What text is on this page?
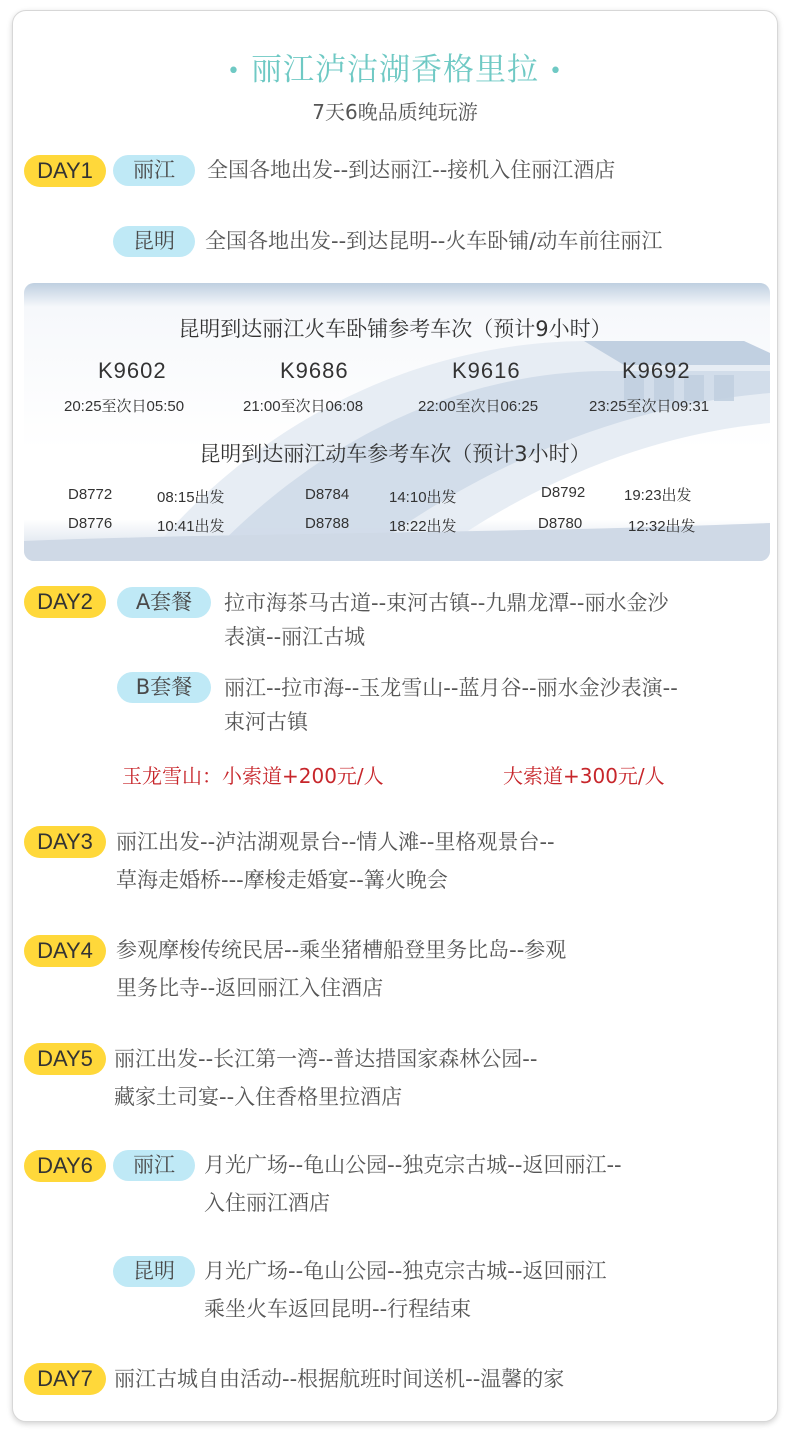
• 丽江泸沽湖香格里拉 •
7天6晚品质纯玩游
DAY1	丽江	全国各地出发--到达丽江--接机入住丽江酒店
昆明	全国各地出发--到达昆明--火车卧铺/动车前往丽江
昆明到达丽江火车卧铺参考车次（预计9小时）
K9602	K9686	K9616	K9692
20:25至次日05:50	21:00至次日06:08	22:00至次日06:25	23:25至次日09:31
昆明到达丽江动车参考车次（预计3小时）
D8772	08:15出发	D8784	14:10出发	D8792	19:23出发
D8776	10:41出发	D8788	18:22出发	D8780	12:32出发
DAY2	A套餐	拉市海茶马古道--束河古镇--九鼎龙潭--丽水金沙
表演--丽江古城
B套餐	丽江--拉市海--玉龙雪山--蓝月谷--丽水金沙表演--
束河古镇
玉龙雪山：小索道+200元/人	大索道+300元/人
DAY3	丽江出发--泸沽湖观景台--情人滩--里格观景台--
草海走婚桥---摩梭走婚宴--篝火晚会
DAY4	参观摩梭传统民居--乘坐猪槽船登里务比岛--参观
里务比寺--返回丽江入住酒店
DAY5	丽江出发--长江第一湾--普达措国家森林公园--
藏家土司宴--入住香格里拉酒店
DAY6	丽江	月光广场--龟山公园--独克宗古城--返回丽江--
入住丽江酒店
昆明	月光广场--龟山公园--独克宗古城--返回丽江
乘坐火车返回昆明--行程结束
DAY7	丽江古城自由活动--根据航班时间送机--温馨的家
